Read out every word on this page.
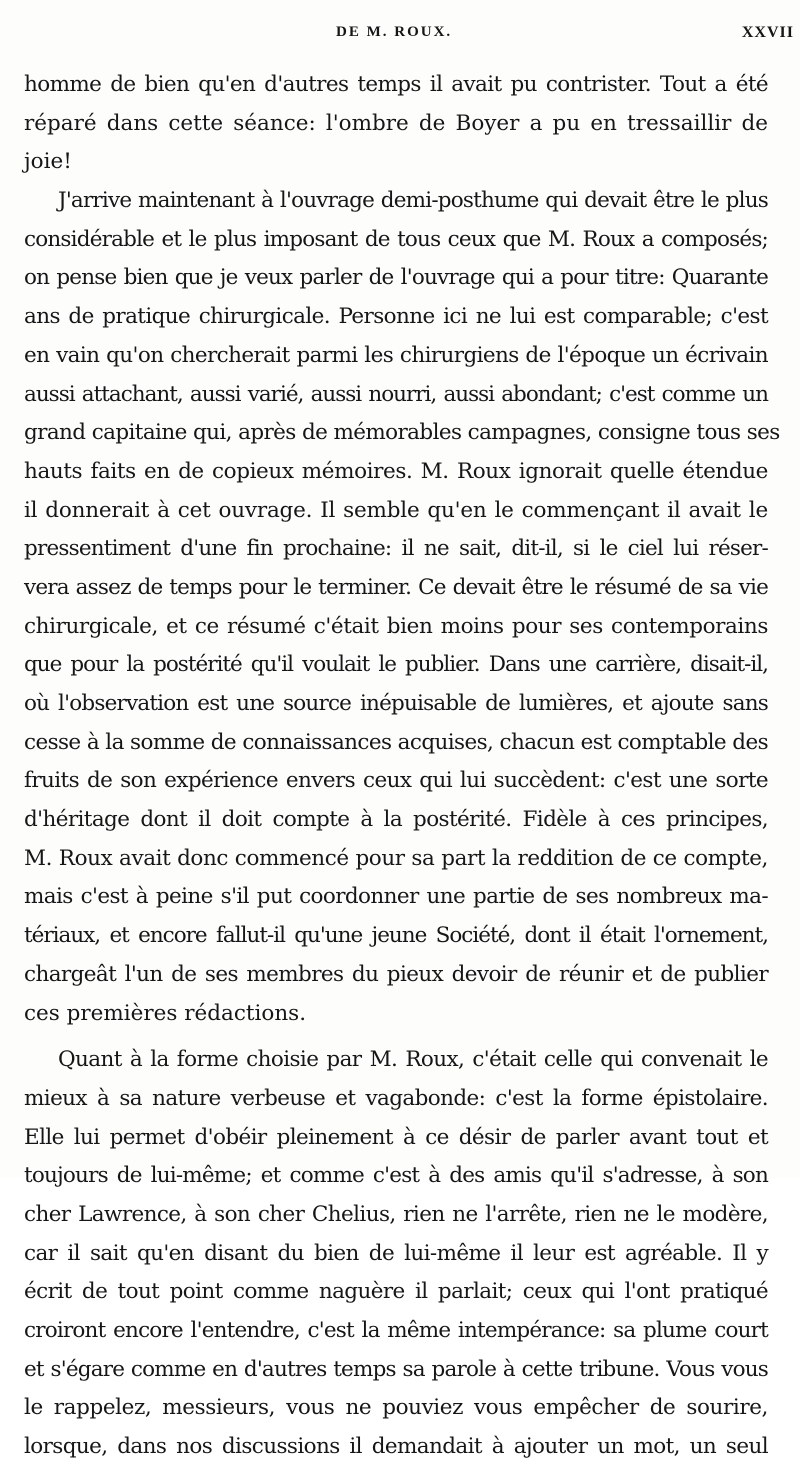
DE M. ROUX.	XXVII
homme de bien qu'en d'autres temps il avait pu contrister. Tout a été
réparé dans cette séance: l'ombre de Boyer a pu en tressaillir de
joie!
J'arrive maintenant à l'ouvrage demi-posthume qui devait être le plus
considérable et le plus imposant de tous ceux que M. Roux a composés;
on pense bien que je veux parler de l'ouvrage qui a pour titre: Quarante
ans de pratique chirurgicale. Personne ici ne lui est comparable; c'est
en vain qu'on chercherait parmi les chirurgiens de l'époque un écrivain
aussi attachant, aussi varié, aussi nourri, aussi abondant; c'est comme un
grand capitaine qui, après de mémorables campagnes, consigne tous ses
hauts faits en de copieux mémoires. M. Roux ignorait quelle étendue
il donnerait à cet ouvrage. Il semble qu'en le commençant il avait le
pressentiment d'une fin prochaine: il ne sait, dit-il, si le ciel lui réser-
vera assez de temps pour le terminer. Ce devait être le résumé de sa vie
chirurgicale, et ce résumé c'était bien moins pour ses contemporains
que pour la postérité qu'il voulait le publier. Dans une carrière, disait-il,
où l'observation est une source inépuisable de lumières, et ajoute sans
cesse à la somme de connaissances acquises, chacun est comptable des
fruits de son expérience envers ceux qui lui succèdent: c'est une sorte
d'héritage dont il doit compte à la postérité. Fidèle à ces principes,
M. Roux avait donc commencé pour sa part la reddition de ce compte,
mais c'est à peine s'il put coordonner une partie de ses nombreux ma-
tériaux, et encore fallut-il qu'une jeune Société, dont il était l'ornement,
chargeât l'un de ses membres du pieux devoir de réunir et de publier
ces premières rédactions.
Quant à la forme choisie par M. Roux, c'était celle qui convenait le
mieux à sa nature verbeuse et vagabonde: c'est la forme épistolaire.
Elle lui permet d'obéir pleinement à ce désir de parler avant tout et
toujours de lui-même; et comme c'est à des amis qu'il s'adresse, à son
cher Lawrence, à son cher Chelius, rien ne l'arrête, rien ne le modère,
car il sait qu'en disant du bien de lui-même il leur est agréable. Il y
écrit de tout point comme naguère il parlait; ceux qui l'ont pratiqué
croiront encore l'entendre, c'est la même intempérance: sa plume court
et s'égare comme en d'autres temps sa parole à cette tribune. Vous vous
le rappelez, messieurs, vous ne pouviez vous empêcher de sourire,
lorsque, dans nos discussions il demandait à ajouter un mot, un seul
